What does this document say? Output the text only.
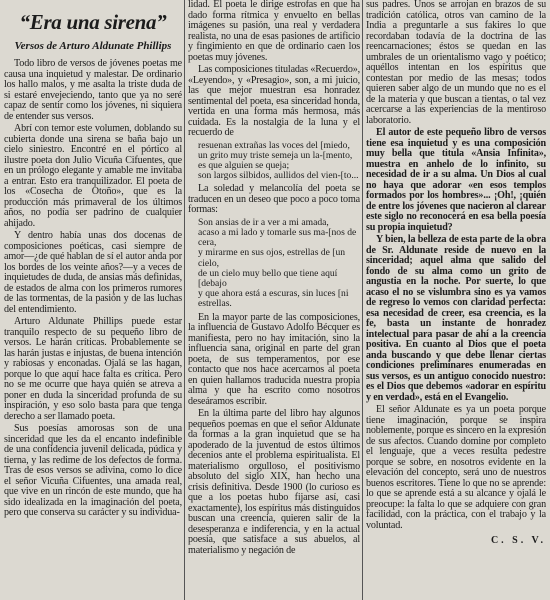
“Era una sirena”
Versos de Arturo Aldunate Phillips

Todo libro de versos de jóvenes poetas me causa una inquietud y malestar. De ordinario los hallo malos, y me asalta la triste duda de si estaré envejeciendo, tanto que ya no seré capaz de sentir como los jóvenes, ni siquiera de entender sus versos.

Abrí con temor este volumen, doblando su cubierta donde una sirena se baña bajo un cielo siniestro. Encontré en el pórtico al ilustre poeta don Julio Vicuña Cifuentes, que en un prólogo elegante y amable me invitaba a entrar. Esto era tranquilizador. El poeta de los «Cosecha de Otoño», que es la producción más primaveral de los últimos años, no podía ser padrino de cualquier ahijado.

Y dentro había unas dos docenas de composiciones poéticas, casi siempre de amor—¿de qué hablan de sí el autor anda por los bordes de los veinte años?—y a veces de inquietudes de duda, de ansias más definidas, de estados de alma con los primeros rumores de las tormentas, de la pasión y de las luchas del entendimiento.

Arturo Aldunate Phillips puede estar tranquilo respecto de su pequeño libro de versos. Le harán críticas. Probablemente se las harán justas e injustas, de buena intención y rabiosas y enconadas. Ojalá se las hagan, porque lo que aquí hace falta es crítica. Pero no se me ocurre que haya quién se atreva a poner en duda la sinceridad profunda de su inspiración, y eso solo basta para que tenga derecho a ser llamado poeta.

Sus poesías amorosas son de una sinceridad que les da el encanto indefinible de una confidencia juvenil delicada, púdica y tierna, y las redime de los defectos de forma. Tras de esos versos se adivina, como lo dice el señor Vicuña Cifuentes, una amada real, que vive en un rincón de este mundo, que ha sido idealizada en la imaginación del poeta, pero que conserva su carácter y su individua-

lidad. El poeta le dirige estrofas en que ha dado forma rítmica y envuelto en bellas imágenes su pasión, una real y verdadera realista, no una de esas pasiones de artificio y fingimiento en que de ordinario caen los poetas muy jóvenes.

Las composiciones tituladas «Recuerdo», «Leyendo», y «Presagio», son, a mi juicio, las que mejor muestran esa honradez sentimental del poeta, esa sinceridad honda, vertida en una forma más hermosa, más cuidada. Es la nostalgia de la luna y el recuerdo de

resuenan extrañas las voces del [miedo,
un grito muy triste semeja un la-[mento,
es que alguien se queja;
son largos silbidos, aullidos del vien-[to...

La soledad y melancolía del poeta se traducen en un deseo que poco a poco toma formas:

Son ansias de ir a ver a mi amada,
acaso a mi lado y tomarle sus ma-[nos de cera,
y mirarme en sus ojos, estrellas de [un cielo,
de un cielo muy bello que tiene aquí [debajo
y que ahora está a escuras, sin luces [ni estrellas.

En la mayor parte de las composiciones, la influencia de Gustavo Adolfo Bécquer es manifiesta, pero no hay imitación, sino la influencia sana, original en parte del gran poeta, de sus temperamentos, por ese contacto que nos hace acercarnos al poeta en quien hallamos traducida nuestra propia alma y que ha escrito como nosotros deseáramos escribir.

En la última parte del libro hay algunos pequeños poemas en que el señor Aldunate da formas a la gran inquietud que se ha apoderado de la juventud de estos últimos decenios ante el problema espiritualista. El materialismo orgulloso, el positivismo absoluto del siglo XIX, han hecho una crisis definitiva. Desde 1900 (lo curioso es que a los poetas hubo fijarse así, casi exactamente), los espíritus más distinguidos buscan una creencia, quieren salir de la desesperanza e indiferencia, y en la actual poesía, que satisface a sus abuelos, al materialismo y negación de

sus padres. Unos se arrojan en brazos de su tradición católica, otros van camino de la India a preguntarle a sus fakires lo que recordaban todavía de la doctrina de las reencarnaciones; éstos se quedan en las umbrales de un orientalismo vago y poético; aquéllos intentan en los espíritus que contestan por medio de las mesas; todos quieren saber algo de un mundo que no es el de la materia y que buscan a tientas, o tal vez acercarse a las experiencias de la mentiroso laboratorio.

El autor de este pequeño libro de versos tiene esa inquietud y es una composición muy bella que titula «Ansia Infinita», muestra en anhelo de lo infinito, su necesidad de ir a su alma. Un Dios al cual no haya que adorar «en esos templos formados por los hombres»... ¡Oh!, ¡quién de entre los jóvenes que nacieron al clarear este siglo no reconocerá en esa bella poesía su propia inquietud?

Y bien, la belleza de esta parte de la obra de Sr. Aldunate reside de nuevo en la sinceridad; aquel alma que salido del fondo de su alma como un grito de angustia en la noche. Por suerte, lo que acaso el no se vislumbra sino es ya vamos de regreso lo vemos con claridad perfecta: esa necesidad de creer, esa creencia, es la fe, basta un instante de honradez intelectual para pasar de ahí a la creencia positiva. En cuanto al Dios que el poeta anda buscando y que debe llenar ciertas condiciones preliminares enumeradas en sus versos, es un antiguo conocido nuestro: es el Dios que debemos «adorar en espíritu y en verdad», está en el Evangelio.

El señor Aldunate es ya un poeta porque tiene imaginación, porque se inspira noblemente, porque es sincero en la expresión de sus afectos. Cuando domine por completo el lenguaje, que a veces resulta pedestre porque se sobre, en nosotros evidente en la elevación del concepto, será uno de nuestros buenos escritores. Tiene lo que no se aprende: lo que se aprende está a su alcance y ojalá le preocupe: la falta lo que se adquiere con gran facilidad, con la práctica, con el trabajo y la voluntad.

C. S. V.
